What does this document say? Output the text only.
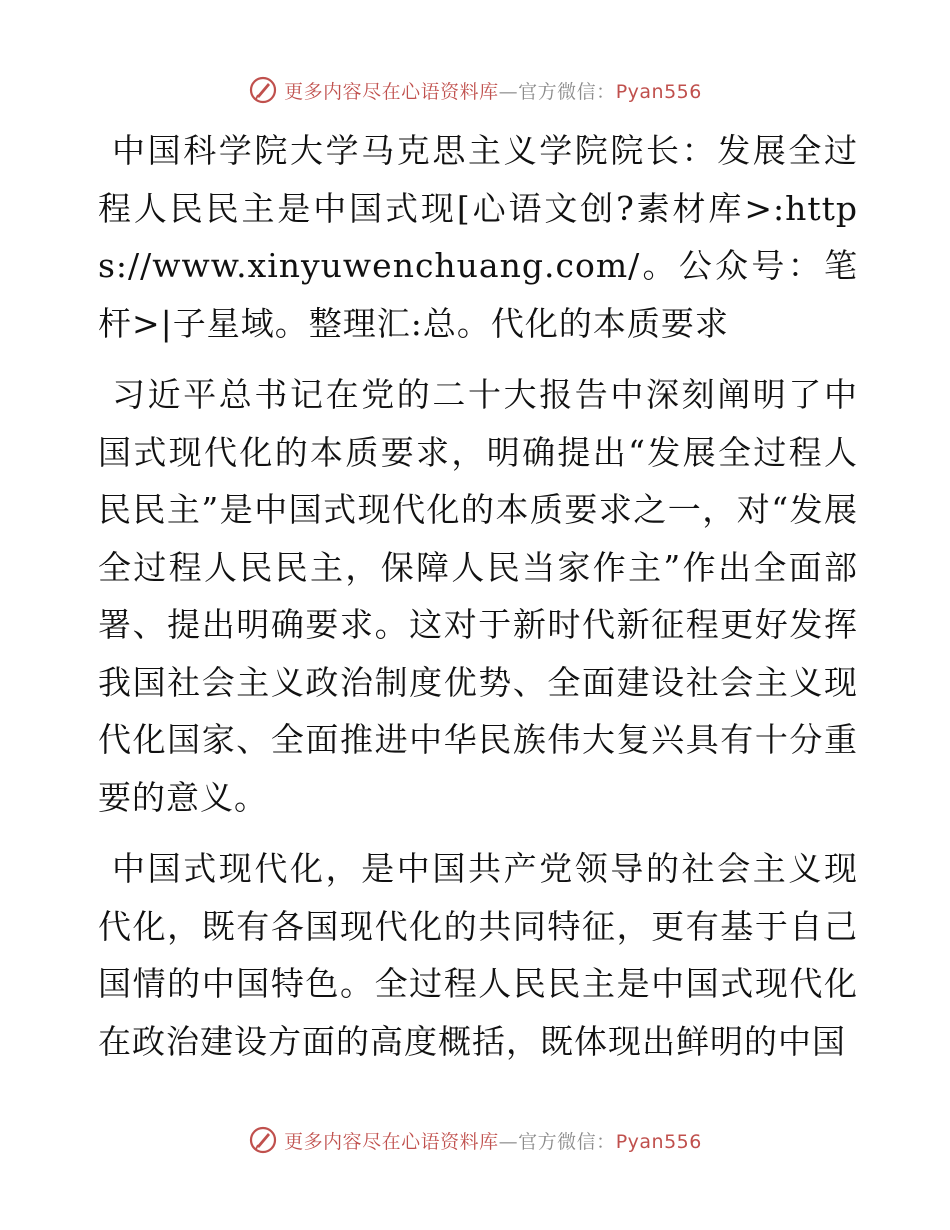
更多内容尽在心语资料库—官方微信：Pyan556

中国科学院大学马克思主义学院院长：发展全过程人民民主是中国式现[心语文创?素材库>:https://www.xinyuwenchuang.com/。公众号：笔杆>|子星域。整理汇:总。代化的本质要求

习近平总书记在党的二十大报告中深刻阐明了中国式现代化的本质要求，明确提出“发展全过程人民民主”是中国式现代化的本质要求之一，对“发展全过程人民民主，保障人民当家作主”作出全面部署、提出明确要求。这对于新时代新征程更好发挥我国社会主义政治制度优势、全面建设社会主义现代化国家、全面推进中华民族伟大复兴具有十分重要的意义。

中国式现代化，是中国共产党领导的社会主义现代化，既有各国现代化的共同特征，更有基于自己国情的中国特色。全过程人民民主是中国式现代化在政治建设方面的高度概括，既体现出鲜明的中国

更多内容尽在心语资料库—官方微信：Pyan556
